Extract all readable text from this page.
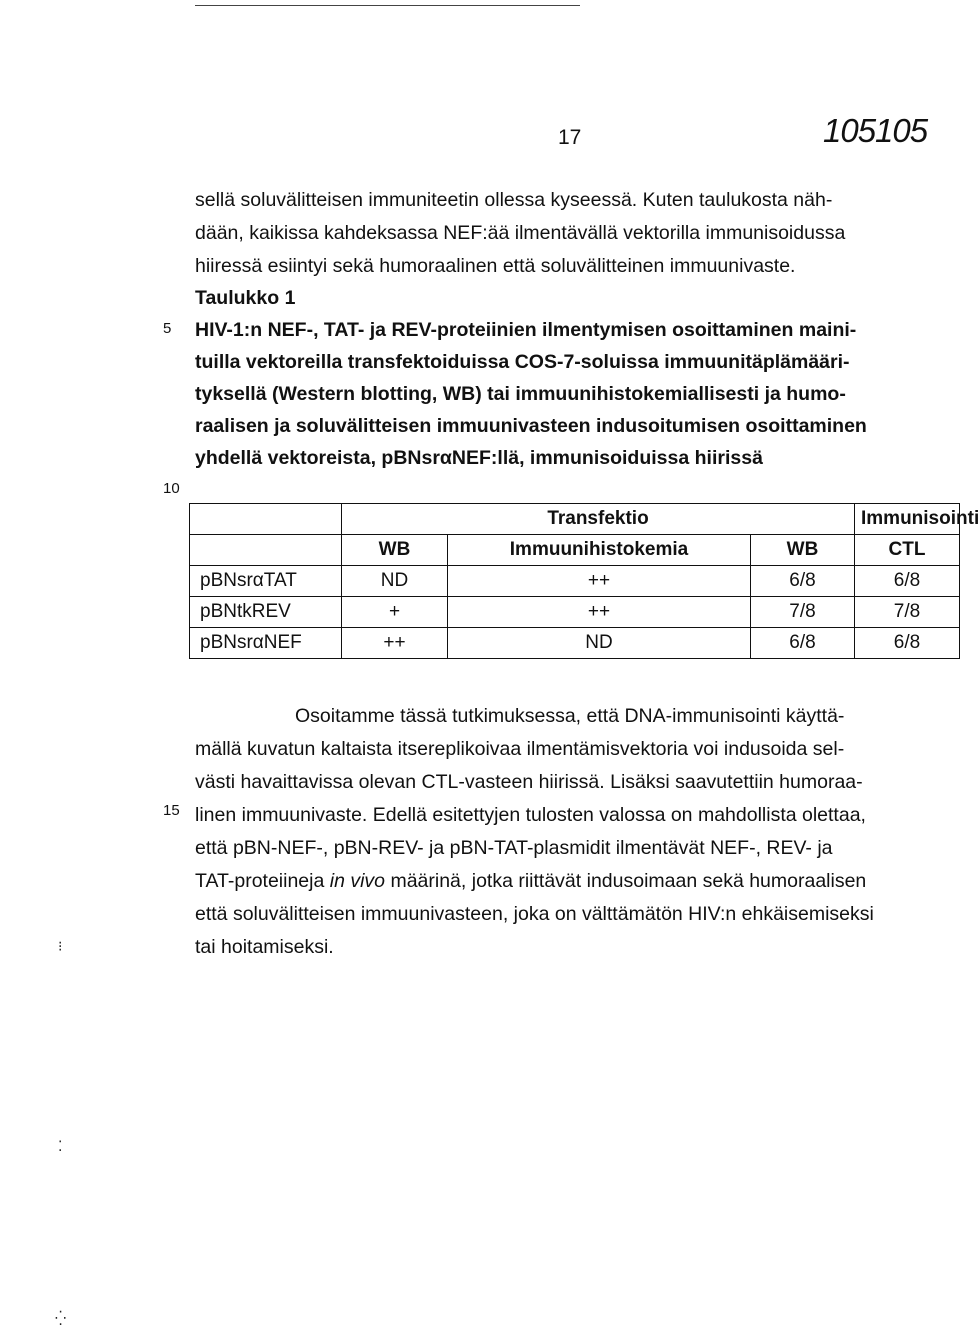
17	105105
sellä soluvälitteisen immuniteetin ollessa kyseessä. Kuten taulukosta näh-
dään, kaikissa kahdeksassa NEF:ää ilmentävällä vektorilla immunisoidussa
hiiressä esiintyi sekä humoraalinen että soluvälitteinen immuunivaste.
Taulukko 1
5
10
15
HIV-1:n NEF-, TAT- ja REV-proteiinien ilmentymisen osoittaminen maini-
tuilla vektoreilla transfektoiduissa COS-7-soluissa immuunitäplämääri-
tyksellä (Western blotting, WB) tai immuunihistokemiallisesti ja humo-
raalisen ja soluvälitteisen immuunivasteen indusoitumisen osoittaminen
yhdellä vektoreista, pBNsrαNEF:llä, immunisoiduissa hiirissä
	Transfektio			Immunisointi
	WB	Immuunihistokemia	WB	CTL
pBNsrαTAT	ND	++	6/8	6/8
pBNtkREV	+	++	7/8	7/8
pBNsrαNEF	++	ND	6/8	6/8
Osoitamme tässä tutkimuksessa, että DNA-immunisointi käyttä-
mällä kuvatun kaltaista itsereplikoivaa ilmentämisvektoria voi indusoida sel-
västi havaittavissa olevan CTL-vasteen hiirissä. Lisäksi saavutettiin humoraa-
linen immuunivaste. Edellä esitettyjen tulosten valossa on mahdollista olettaa,
että pBN-NEF-, pBN-REV- ja pBN-TAT-plasmidit ilmentävät NEF-, REV- ja
TAT-proteiineja in vivo määrinä, jotka riittävät indusoimaan sekä humoraalisen
että soluvälitteisen immuunivasteen, joka on välttämätön HIV:n ehkäisemiseksi
tai hoitamiseksi.
⁝
⁚
⁛
